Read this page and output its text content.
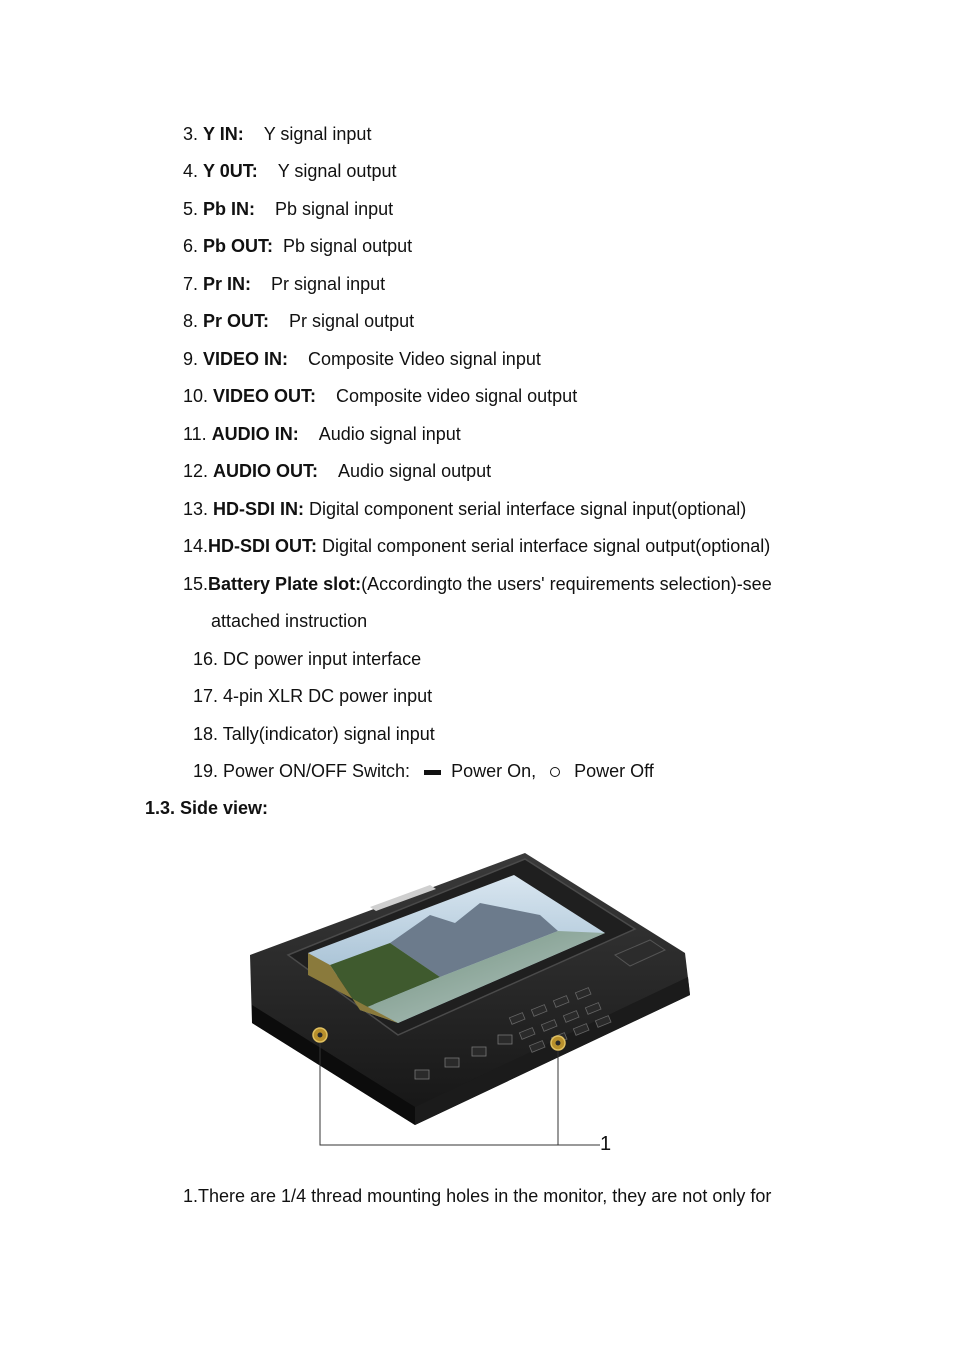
3. Y IN: Y signal input
4. Y 0UT: Y signal output
5. Pb IN: Pb signal input
6. Pb OUT: Pb signal output
7. Pr IN: Pr signal input
8. Pr OUT: Pr signal output
9. VIDEO IN: Composite Video signal input
10. VIDEO OUT: Composite video signal output
11. AUDIO IN: Audio signal input
12. AUDIO OUT: Audio signal output
13. HD-SDI IN: Digital component serial interface signal input(optional)
14.HD-SDI OUT: Digital component serial interface signal output(optional)
15.Battery Plate slot:(Accordingto the users' requirements selection)-see
attached instruction
16. DC power input interface
17. 4-pin XLR DC power input
18. Tally(indicator) signal input
19. Power ON/OFF Switch: Power On, Power Off
1.3. Side view:
1
1.There are 1/4 thread mounting holes in the monitor, they are not only for
